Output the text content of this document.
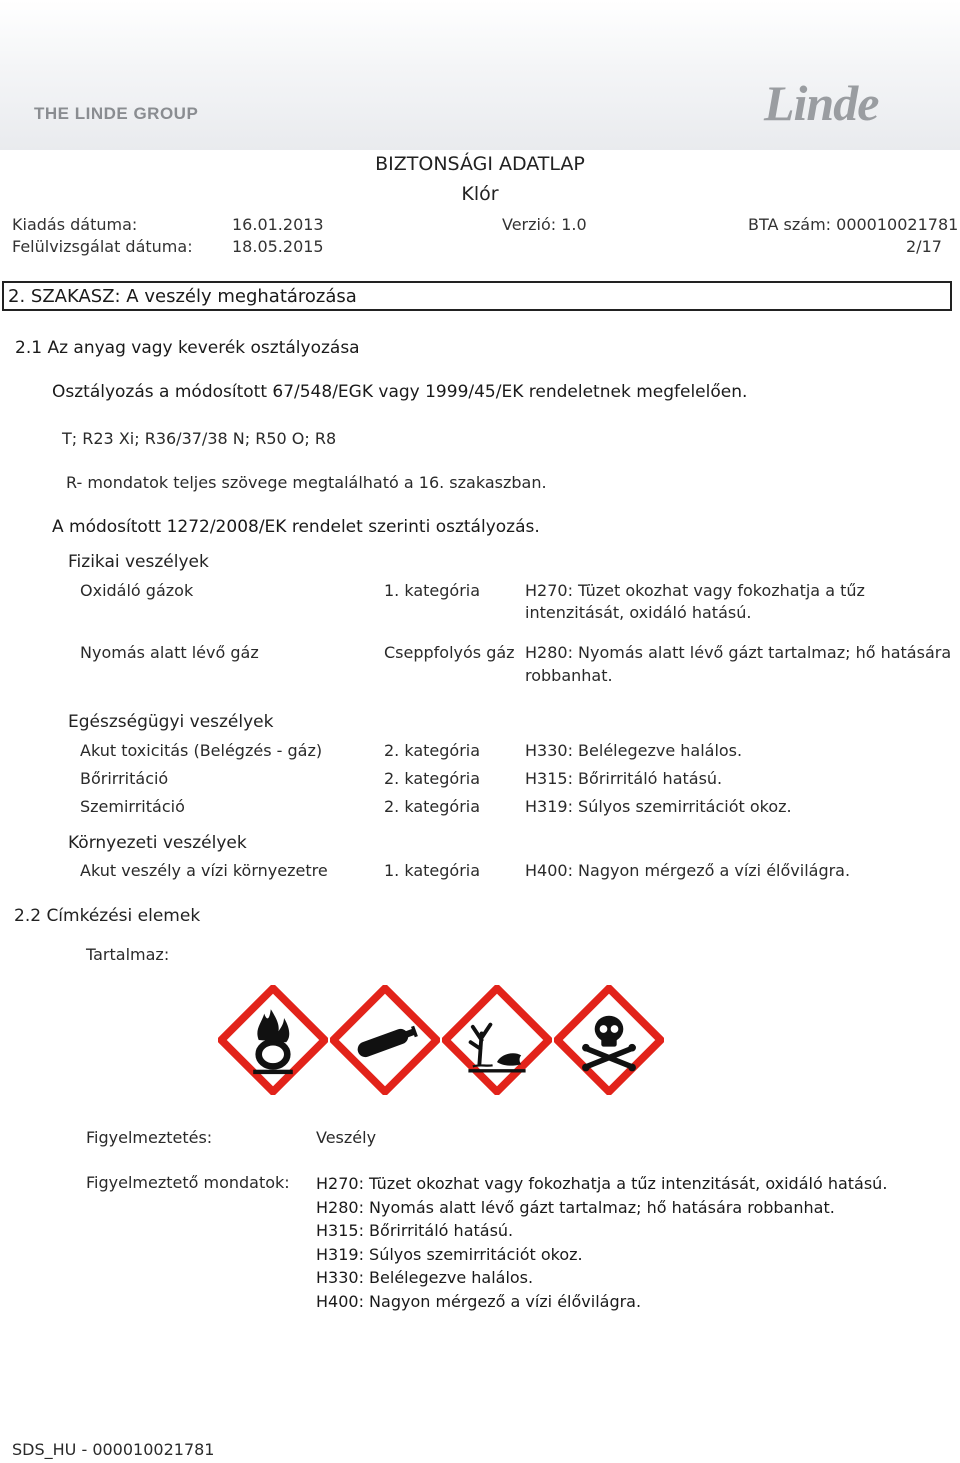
THE LINDE GROUP	Linde
BIZTONSÁGI ADATLAP
Klór
Kiadás dátuma:	16.01.2013	Verzió: 1.0	BTA szám: 000010021781
Felülvizsgálat dátuma: 18.05.2015	2/17
2. SZAKASZ: A veszély meghatározása
2.1 Az anyag vagy keverék osztályozása
Osztályozás a módosított 67/548/EGK vagy 1999/45/EK rendeletnek megfelelően.
T; R23 Xi; R36/37/38 N; R50 O; R8
R- mondatok teljes szövege megtalálható a 16. szakaszban.
A módosított 1272/2008/EK rendelet szerinti osztályozás.
Fizikai veszélyek
Oxidáló gázok	1. kategória	H270: Tüzet okozhat vagy fokozhatja a tűz
intenzitását, oxidáló hatású.
Nyomás alatt lévő gáz	Cseppfolyós gáz H280: Nyomás alatt lévő gázt tartalmaz; hő hatására
robbanhat.
Egészségügyi veszélyek
Akut toxicitás (Belégzés - gáz)	2. kategória	H330: Belélegezve halálos.
Bőrirritáció	2. kategória	H315: Bőrirritáló hatású.
Szemirritáció	2. kategória	H319: Súlyos szemirritációt okoz.
Környezeti veszélyek
Akut veszély a vízi környezetre	1. kategória	H400: Nagyon mérgező a vízi élővilágra.
2.2 Címkézési elemek
Tartalmaz:
Figyelmeztetés:	Veszély
Figyelmeztető mondatok: H270: Tüzet okozhat vagy fokozhatja a tűz intenzitását, oxidáló hatású.
H280: Nyomás alatt lévő gázt tartalmaz; hő hatására robbanhat.
H315: Bőrirritáló hatású.
H319: Súlyos szemirritációt okoz.
H330: Belélegezve halálos.
H400: Nagyon mérgező a vízi élővilágra.
SDS_HU - 000010021781
